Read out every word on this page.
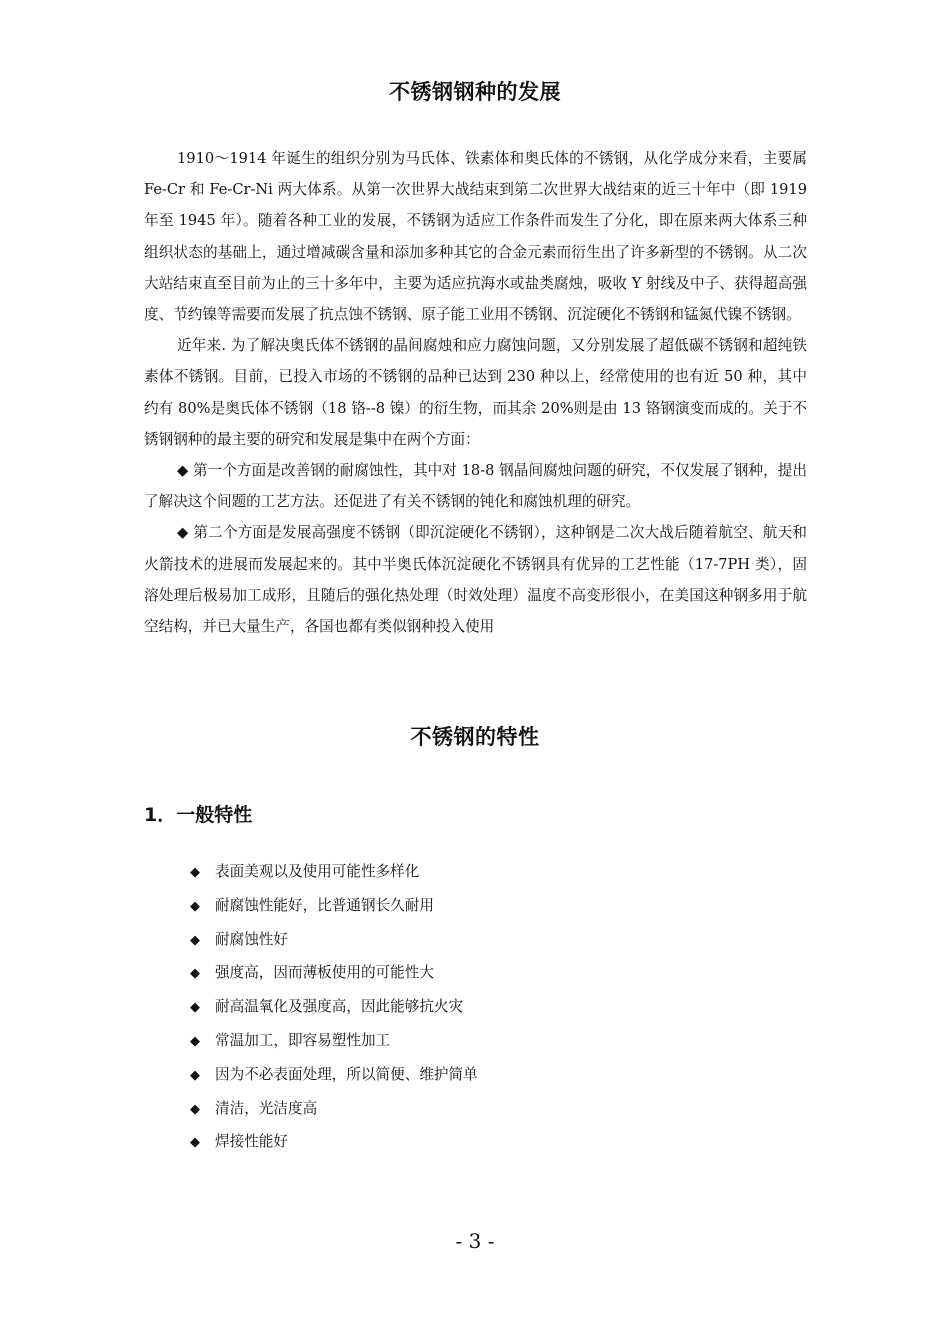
不锈钢钢种的发展

1910～1914 年诞生的组织分别为马氏体、铁素体和奥氏体的不锈钢，从化学成分来看，主要属 Fe-Cr 和 Fe-Cr-Ni 两大体系。从第一次世界大战结束到第二次世界大战结束的近三十年中（即 1919 年至 1945 年）。随着各种工业的发展，不锈钢为适应工作条件而发生了分化，即在原来两大体系三种组织状态的基础上，通过增减碳含量和添加多种其它的合金元素而衍生出了许多新型的不锈钢。从二次大站结束直至目前为止的三十多年中，主要为适应抗海水或盐类腐烛，吸收 Y 射线及中子、获得超高强度、节约镍等需要而发展了抗点蚀不锈钢、原子能工业用不锈钢、沉淀硬化不锈钢和锰氮代镍不锈钢。

近年来. 为了解决奥氏体不锈钢的晶间腐烛和应力腐蚀问题，又分别发展了超低碳不锈钢和超纯铁素体不锈钢。目前，已投入市场的不锈钢的品种已达到 230 种以上，经常使用的也有近 50 种，其中约有 80%是奥氏体不锈钢（18 铬--8 镍）的衍生物，而其余 20%则是由 13 铬钢演变而成的。关于不锈钢钢种的最主要的研究和发展是集中在两个方面：

◆ 第一个方面是改善钢的耐腐蚀性，其中对 18-8 钢晶间腐烛问题的研究，不仅发展了钢种，提出了解决这个间题的工艺方法。还促进了有关不锈钢的钝化和腐蚀机理的研究。

◆ 第二个方面是发展高强度不锈钢（即沉淀硬化不锈钢），这种钢是二次大战后随着航空、航天和火箭技术的进展而发展起来的。其中半奥氏体沉淀硬化不锈钢具有优异的工艺性能（17-7PH 类），固溶处理后极易加工成形，且随后的强化热处理（时效处理）温度不高变形很小，在美国这种钢多用于航空结构，并已大量生产，各国也都有类似钢种投入使用

不锈钢的特性
1．一般特性
◆ 表面美观以及使用可能性多样化
◆ 耐腐蚀性能好，比普通钢长久耐用
◆ 耐腐蚀性好
◆ 强度高，因而薄板使用的可能性大
◆ 耐高温氧化及强度高，因此能够抗火灾
◆ 常温加工，即容易塑性加工
◆ 因为不必表面处理，所以简便、维护简单
◆ 清洁，光洁度高
◆ 焊接性能好
- 3 -
